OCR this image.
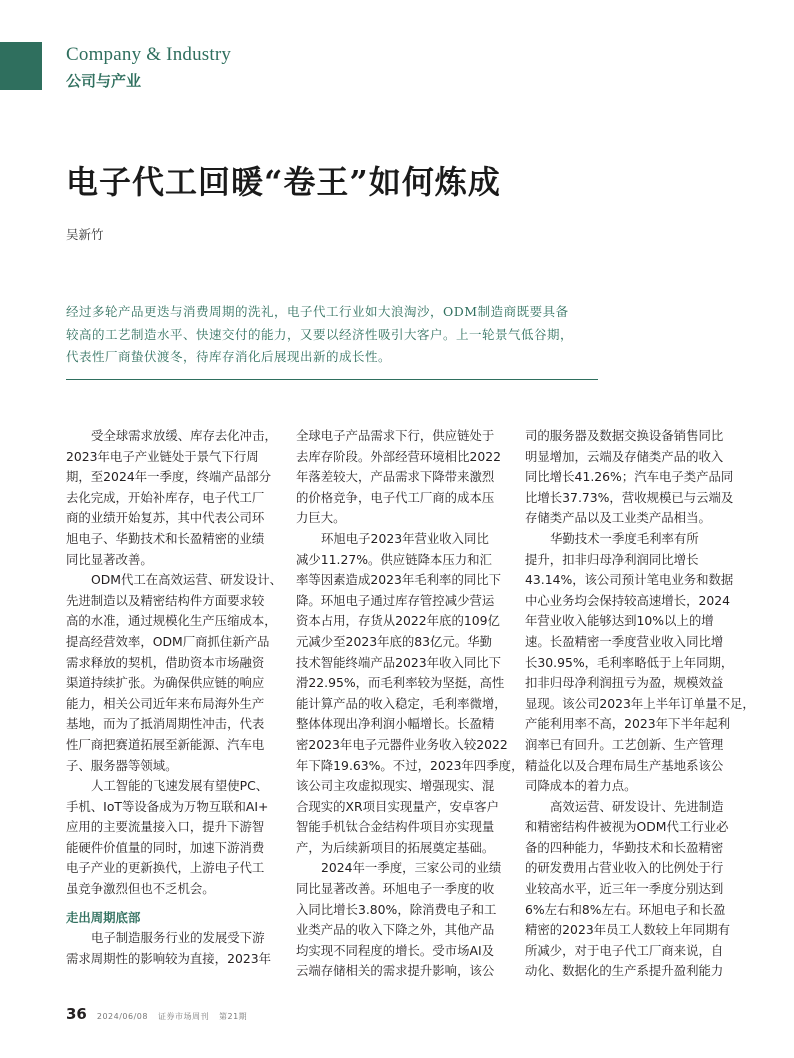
Company & Industry
公司与产业
电子代工回暖“卷王”如何炼成
吴新竹
经过多轮产品更迭与消费周期的洗礼，电子代工行业如大浪淘沙，ODM制造商既要具备
较高的工艺制造水平、快速交付的能力，又要以经济性吸引大客户。上一轮景气低谷期，
代表性厂商蛰伏渡冬，待库存消化后展现出新的成长性。
受全球需求放缓、库存去化冲击，
2023年电子产业链处于景气下行周
期，至2024年一季度，终端产品部分
去化完成，开始补库存，电子代工厂
商的业绩开始复苏，其中代表公司环
旭电子、华勤技术和长盈精密的业绩
同比显著改善。
ODM代工在高效运营、研发设计、
先进制造以及精密结构件方面要求较
高的水准，通过规模化生产压缩成本，
提高经营效率，ODM厂商抓住新产品
需求释放的契机，借助资本市场融资
渠道持续扩张。为确保供应链的响应
能力，相关公司近年来布局海外生产
基地，而为了抵消周期性冲击，代表
性厂商把赛道拓展至新能源、汽车电
子、服务器等领域。
人工智能的飞速发展有望使PC、
手机、IoT等设备成为万物互联和AI+
应用的主要流量接入口，提升下游智
能硬件价值量的同时，加速下游消费
电子产业的更新换代，上游电子代工
虽竞争激烈但也不乏机会。
走出周期底部
电子制造服务行业的发展受下游
需求周期性的影响较为直接，2023年
全球电子产品需求下行，供应链处于
去库存阶段。外部经营环境相比2022
年落差较大，产品需求下降带来激烈
的价格竞争，电子代工厂商的成本压
力巨大。
环旭电子2023年营业收入同比
减少11.27%。供应链降本压力和汇
率等因素造成2023年毛利率的同比下
降。环旭电子通过库存管控减少营运
资本占用，存货从2022年底的109亿
元减少至2023年底的83亿元。华勤
技术智能终端产品2023年收入同比下
滑22.95%，而毛利率较为坚挺，高性
能计算产品的收入稳定，毛利率微增，
整体体现出净利润小幅增长。长盈精
密2023年电子元器件业务收入较2022
年下降19.63%。不过，2023年四季度，
该公司主攻虚拟现实、增强现实、混
合现实的XR项目实现量产，安卓客户
智能手机钛合金结构件项目亦实现量
产，为后续新项目的拓展奠定基础。
2024年一季度，三家公司的业绩
同比显著改善。环旭电子一季度的收
入同比增长3.80%，除消费电子和工
业类产品的收入下降之外，其他产品
均实现不同程度的增长。受市场AI及
云端存储相关的需求提升影响，该公
司的服务器及数据交换设备销售同比
明显增加，云端及存储类产品的收入
同比增长41.26%；汽车电子类产品同
比增长37.73%，营收规模已与云端及
存储类产品以及工业类产品相当。
华勤技术一季度毛利率有所
提升，扣非归母净利润同比增长
43.14%，该公司预计笔电业务和数据
中心业务均会保持较高速增长，2024
年营业收入能够达到10%以上的增
速。长盈精密一季度营业收入同比增
长30.95%，毛利率略低于上年同期，
扣非归母净利润扭亏为盈，规模效益
显现。该公司2023年上半年订单量不足，
产能利用率不高，2023年下半年起利
润率已有回升。工艺创新、生产管理
精益化以及合理布局生产基地系该公
司降成本的着力点。
高效运营、研发设计、先进制造
和精密结构件被视为ODM代工行业必
备的四种能力，华勤技术和长盈精密
的研发费用占营业收入的比例处于行
业较高水平，近三年一季度分别达到
6%左右和8%左右。环旭电子和长盈
精密的2023年员工人数较上年同期有
所减少，对于电子代工厂商来说，自
动化、数据化的生产系提升盈利能力
36 2024/06/08 证券市场周刊 第21期
